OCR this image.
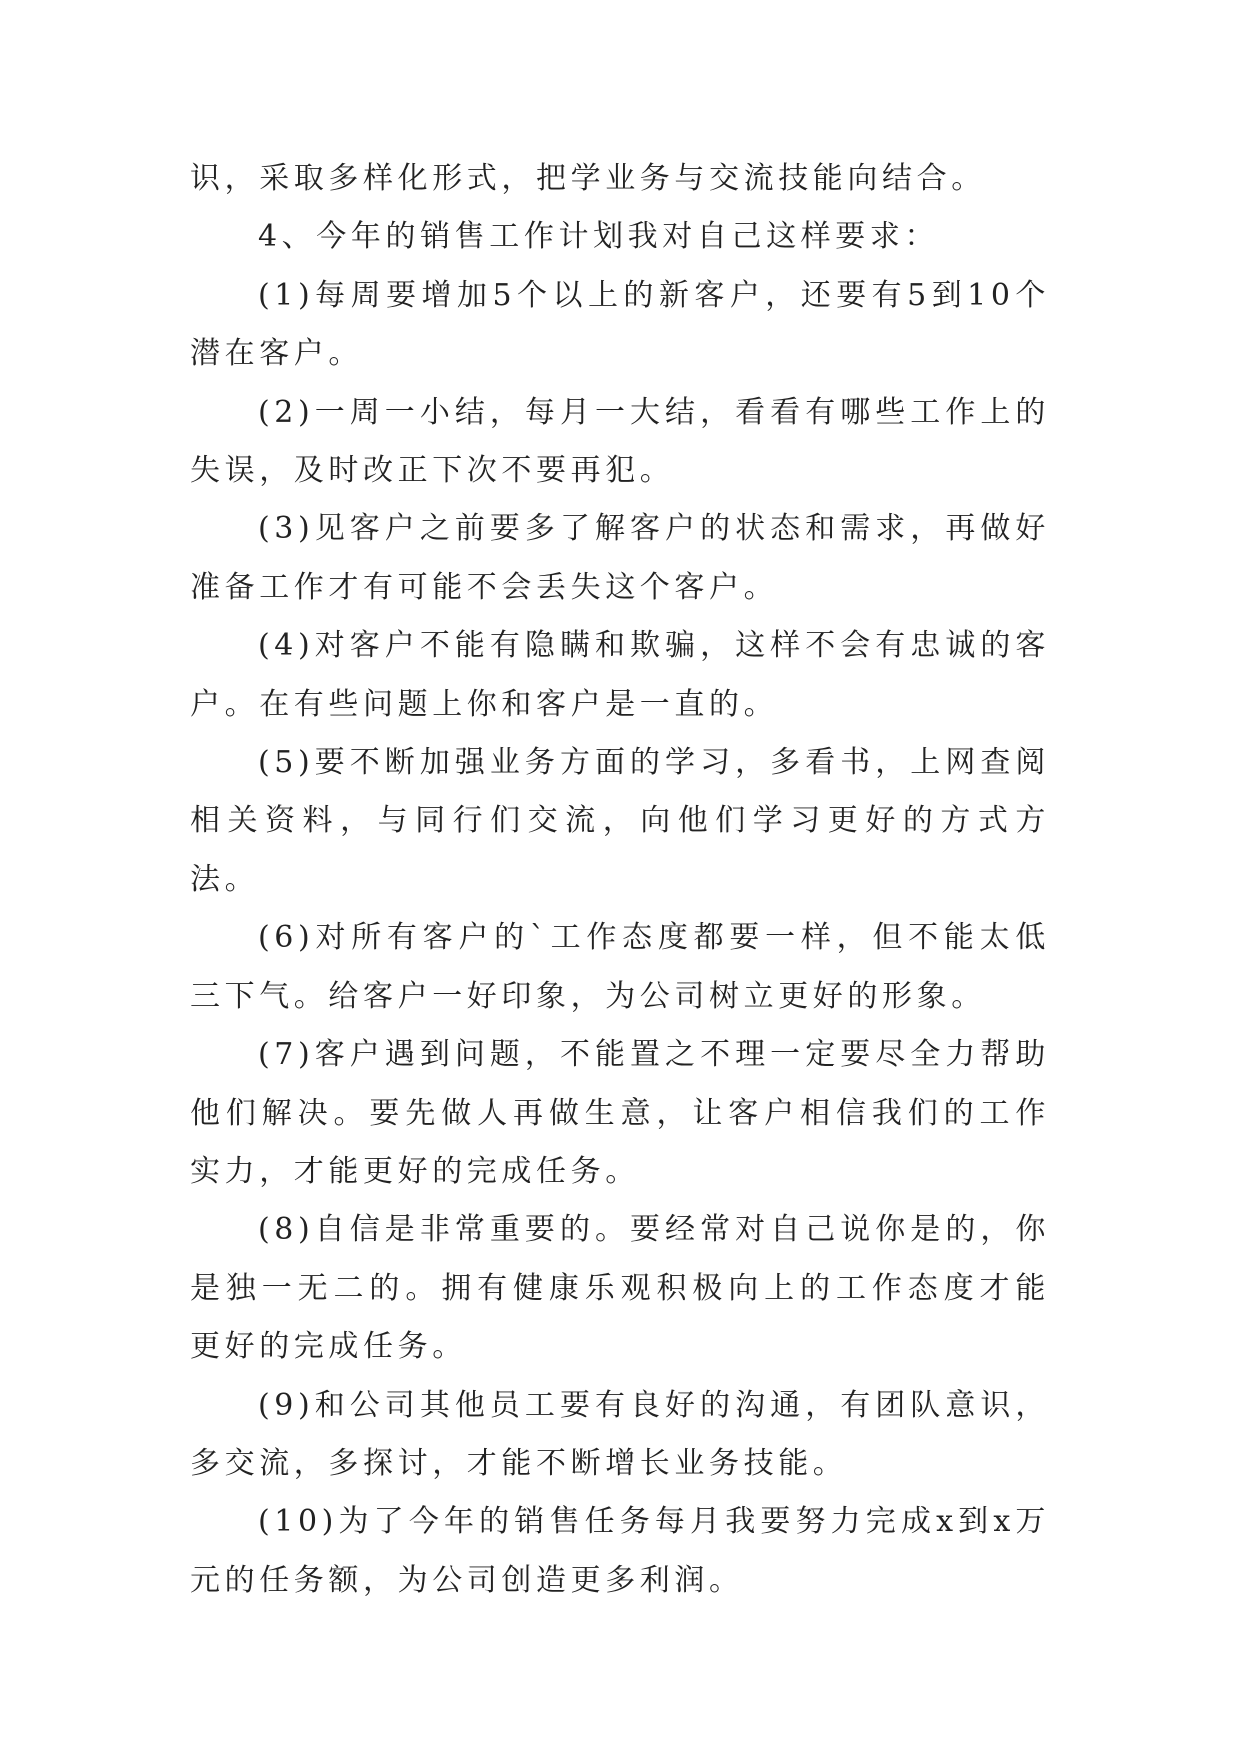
识，采取多样化形式，把学业务与交流技能向结合。

4、今年的销售工作计划我对自己这样要求：

(1)每周要增加5个以上的新客户，还要有5到10个潜在客户。

(2)一周一小结，每月一大结，看看有哪些工作上的失误，及时改正下次不要再犯。

(3)见客户之前要多了解客户的状态和需求，再做好准备工作才有可能不会丢失这个客户。

(4)对客户不能有隐瞒和欺骗，这样不会有忠诚的客户。在有些问题上你和客户是一直的。

(5)要不断加强业务方面的学习，多看书，上网查阅相关资料，与同行们交流，向他们学习更好的方式方法。

(6)对所有客户的`工作态度都要一样，但不能太低三下气。给客户一好印象，为公司树立更好的形象。

(7)客户遇到问题，不能置之不理一定要尽全力帮助他们解决。要先做人再做生意，让客户相信我们的工作实力，才能更好的完成任务。

(8)自信是非常重要的。要经常对自己说你是的，你是独一无二的。拥有健康乐观积极向上的工作态度才能更好的完成任务。

(9)和公司其他员工要有良好的沟通，有团队意识，多交流，多探讨，才能不断增长业务技能。

(10)为了今年的销售任务每月我要努力完成x到x万元的任务额，为公司创造更多利润。
